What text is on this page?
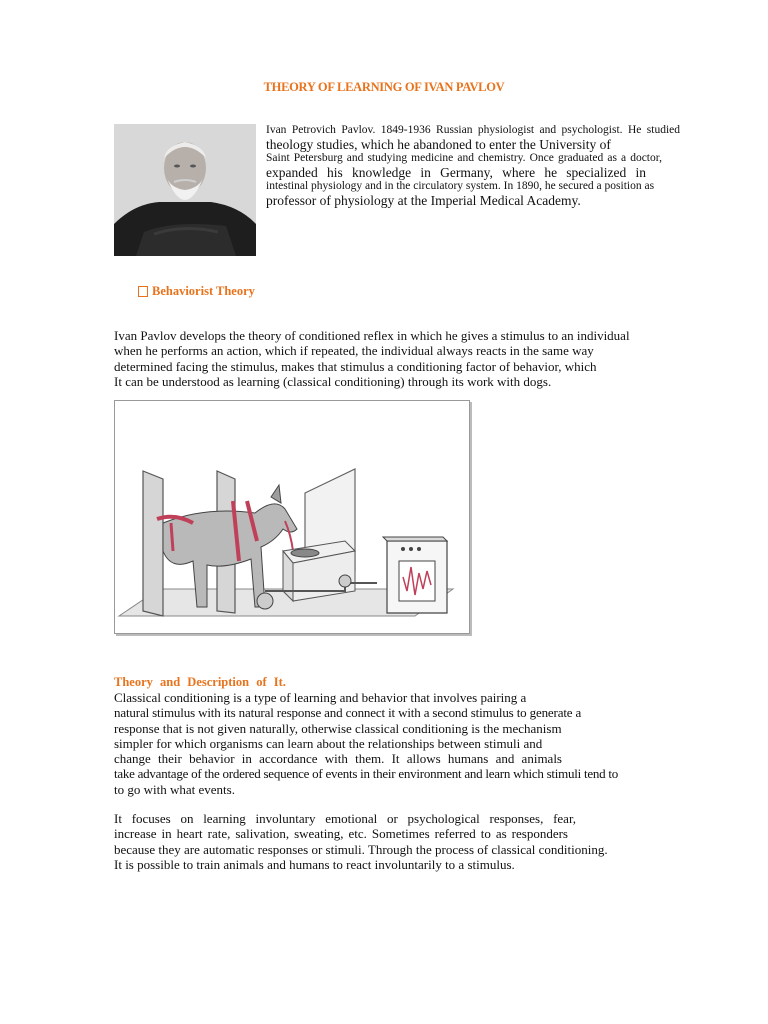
THEORY OF LEARNING OF IVAN PAVLOV
Ivan Petrovich Pavlov. 1849-1936 Russian physiologist and psychologist. He studied
theology studies, which he abandoned to enter the University of
Saint Petersburg and studying medicine and chemistry. Once graduated as a doctor,
expanded his knowledge in Germany, where he specialized in
intestinal physiology and in the circulatory system. In 1890, he secured a position as
professor of physiology at the Imperial Medical Academy.
Behaviorist Theory
Ivan Pavlov develops the theory of conditioned reflex in which he gives a stimulus to an individual
when he performs an action, which if repeated, the individual always reacts in the same way
determined facing the stimulus, makes that stimulus a conditioning factor of behavior, which
It can be understood as learning (classical conditioning) through its work with dogs.
Theory and Description of It.
Classical conditioning is a type of learning and behavior that involves pairing a
natural stimulus with its natural response and connect it with a second stimulus to generate a
response that is not given naturally, otherwise classical conditioning is the mechanism
simpler for which organisms can learn about the relationships between stimuli and
change their behavior in accordance with them. It allows humans and animals
take advantage of the ordered sequence of events in their environment and learn which stimuli tend to
to go with what events.
It focuses on learning involuntary emotional or psychological responses, fear,
increase in heart rate, salivation, sweating, etc. Sometimes referred to as responders
because they are automatic responses or stimuli. Through the process of classical conditioning.
It is possible to train animals and humans to react involuntarily to a stimulus.
